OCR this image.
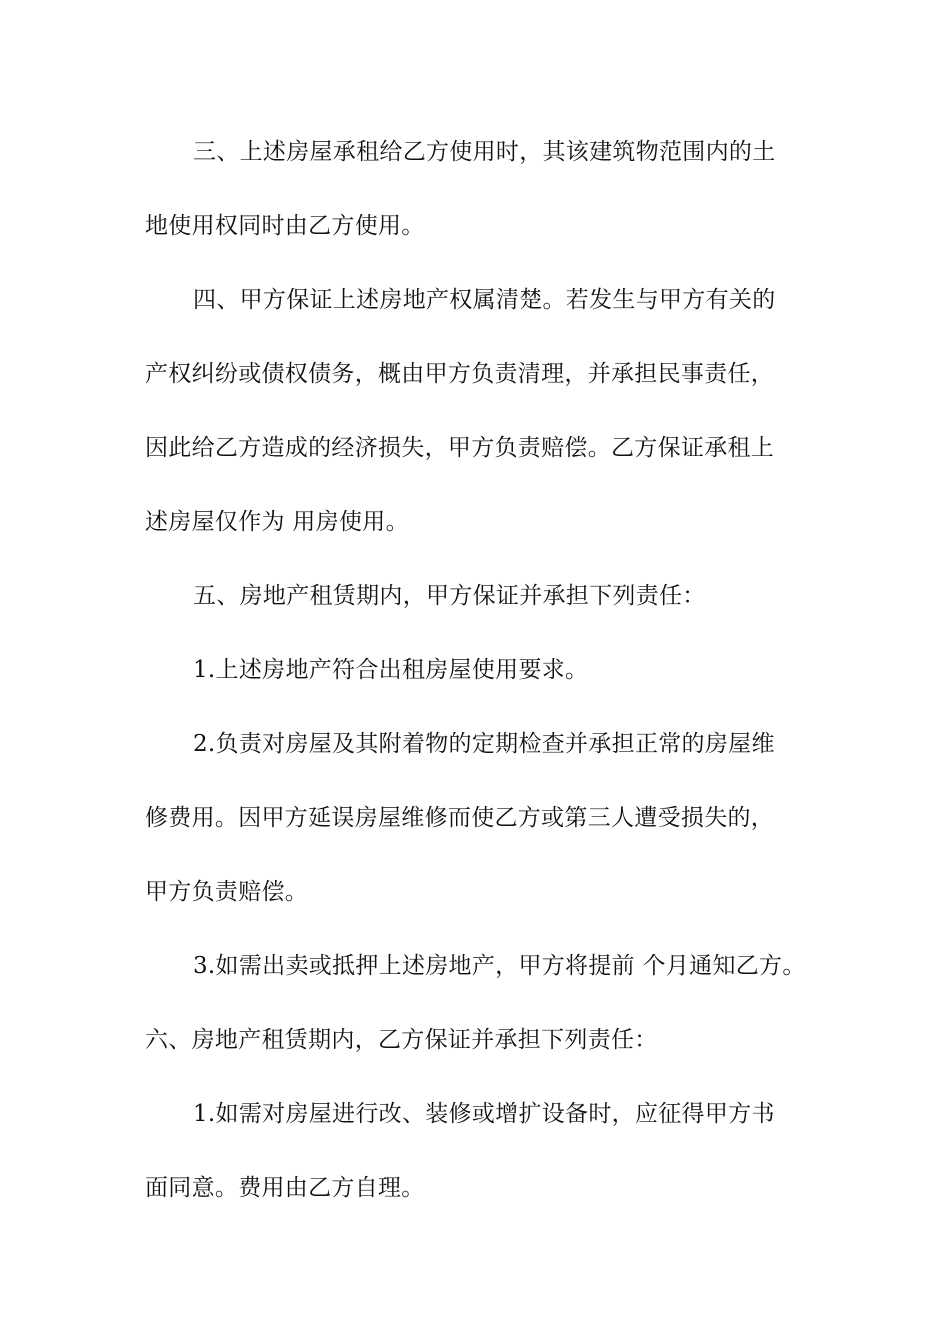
三、上述房屋承租给乙方使用时，其该建筑物范围内的土
地使用权同时由乙方使用。
四、甲方保证上述房地产权属清楚。若发生与甲方有关的
产权纠纷或债权债务，概由甲方负责清理，并承担民事责任，
因此给乙方造成的经济损失，甲方负责赔偿。乙方保证承租上
述房屋仅作为 用房使用。
五、房地产租赁期内，甲方保证并承担下列责任：
1.上述房地产符合出租房屋使用要求。
2.负责对房屋及其附着物的定期检查并承担正常的房屋维
修费用。因甲方延误房屋维修而使乙方或第三人遭受损失的，
甲方负责赔偿。
3.如需出卖或抵押上述房地产，甲方将提前 个月通知乙方。
六、房地产租赁期内，乙方保证并承担下列责任：
1.如需对房屋进行改、装修或增扩设备时，应征得甲方书
面同意。费用由乙方自理。
